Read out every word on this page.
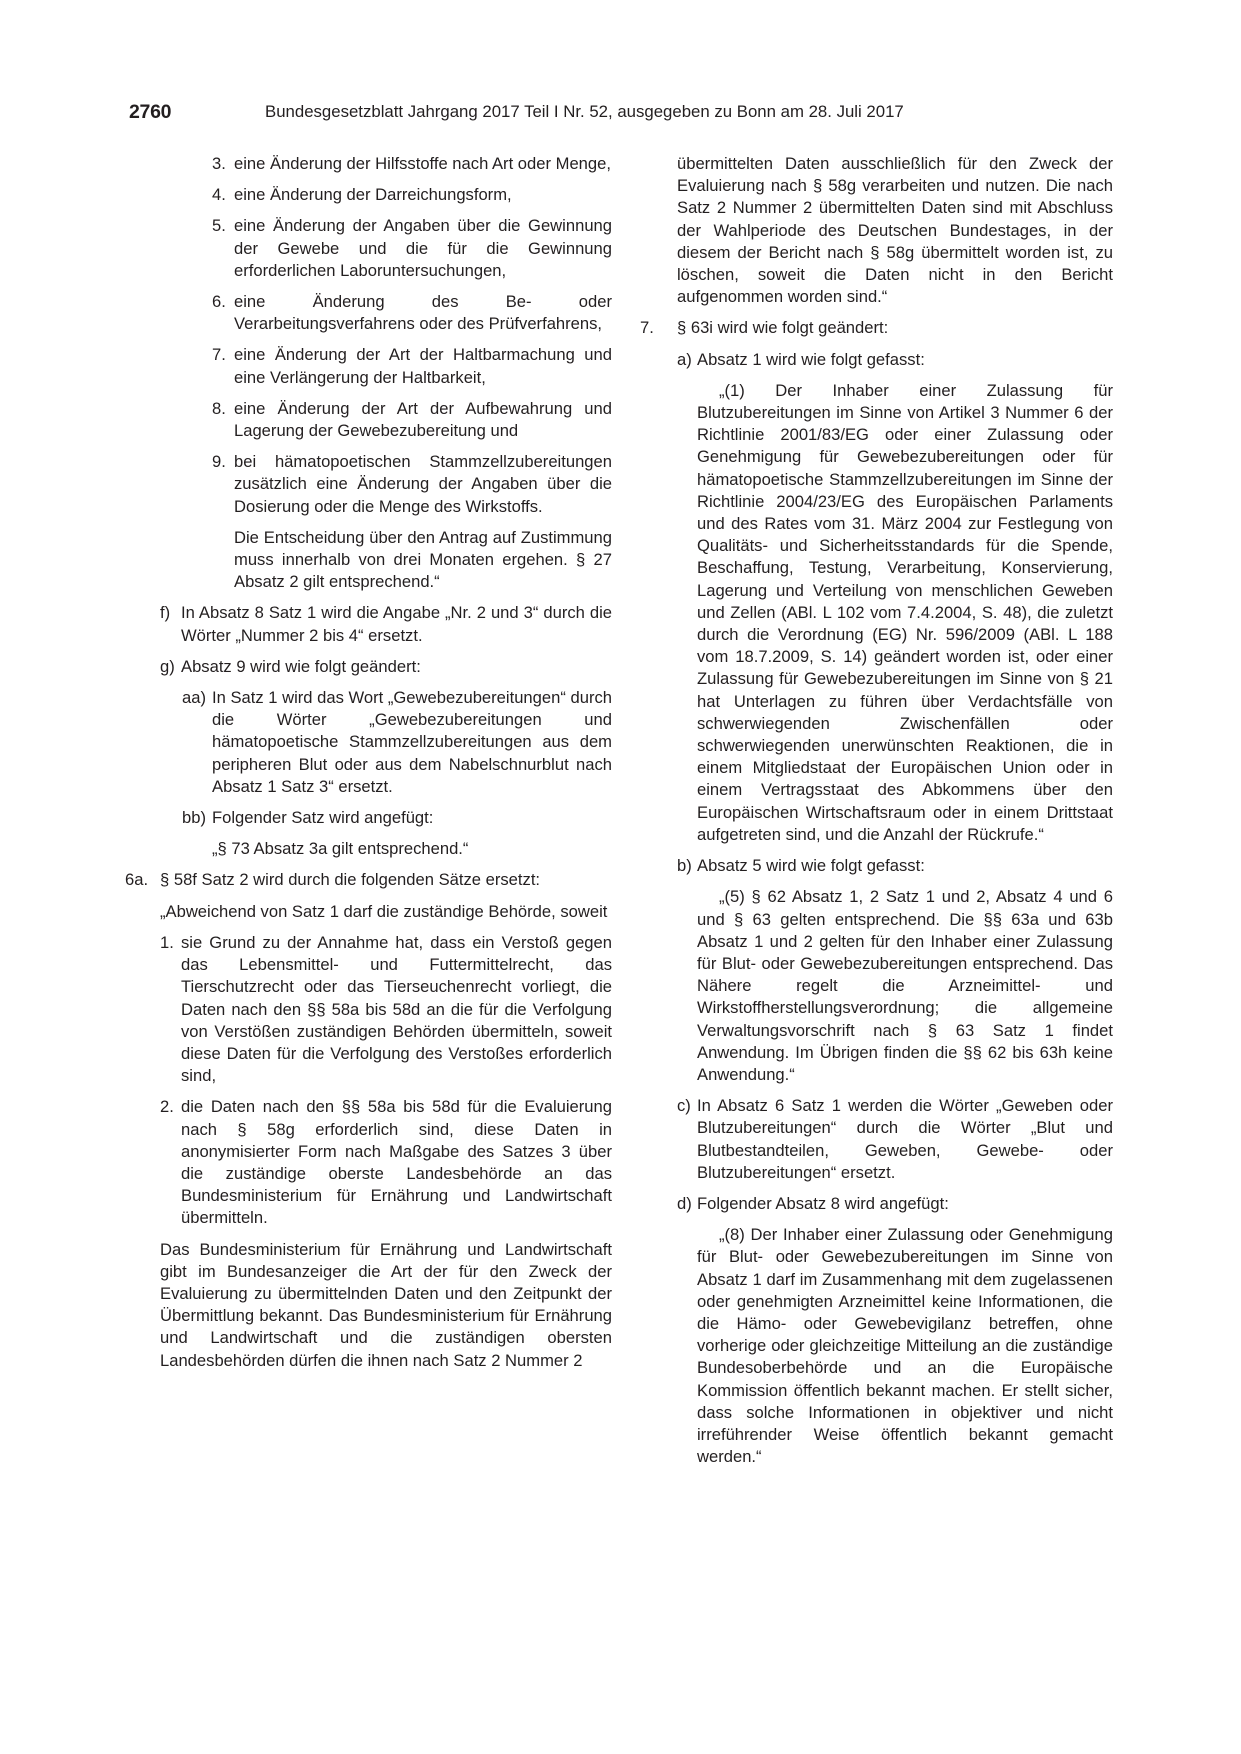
2760	Bundesgesetzblatt Jahrgang 2017 Teil I Nr. 52, ausgegeben zu Bonn am 28. Juli 2017
3. eine Änderung der Hilfsstoffe nach Art oder Menge,

4. eine Änderung der Darreichungsform,

5. eine Änderung der Angaben über die Gewinnung der Gewebe und die für die Gewinnung erforderlichen Laboruntersuchungen,

6. eine Änderung des Be- oder Verarbeitungsverfahrens oder des Prüfverfahrens,

7. eine Änderung der Art der Haltbarmachung und eine Verlängerung der Haltbarkeit,

8. eine Änderung der Art der Aufbewahrung und Lagerung der Gewebezubereitung und

9. bei hämatopoetischen Stammzellzubereitungen zusätzlich eine Änderung der Angaben über die Dosierung oder die Menge des Wirkstoffs.

Die Entscheidung über den Antrag auf Zustimmung muss innerhalb von drei Monaten ergehen. § 27 Absatz 2 gilt entsprechend.“

f) In Absatz 8 Satz 1 wird die Angabe „Nr. 2 und 3“ durch die Wörter „Nummer 2 bis 4“ ersetzt.

g) Absatz 9 wird wie folgt geändert:

aa) In Satz 1 wird das Wort „Gewebezubereitungen“ durch die Wörter „Gewebezubereitungen und hämatopoetische Stammzellzubereitungen aus dem peripheren Blut oder aus dem Nabelschnurblut nach Absatz 1 Satz 3“ ersetzt.

bb) Folgender Satz wird angefügt:

„§ 73 Absatz 3a gilt entsprechend.“

6a. § 58f Satz 2 wird durch die folgenden Sätze ersetzt:

„Abweichend von Satz 1 darf die zuständige Behörde, soweit

1. sie Grund zu der Annahme hat, dass ein Verstoß gegen das Lebensmittel- und Futtermittelrecht, das Tierschutzrecht oder das Tierseuchenrecht vorliegt, die Daten nach den §§ 58a bis 58d an die für die Verfolgung von Verstößen zuständigen Behörden übermitteln, soweit diese Daten für die Verfolgung des Verstoßes erforderlich sind,

2. die Daten nach den §§ 58a bis 58d für die Evaluierung nach § 58g erforderlich sind, diese Daten in anonymisierter Form nach Maßgabe des Satzes 3 über die zuständige oberste Landesbehörde an das Bundesministerium für Ernährung und Landwirtschaft übermitteln.

Das Bundesministerium für Ernährung und Landwirtschaft gibt im Bundesanzeiger die Art der für den Zweck der Evaluierung zu übermittelnden Daten und den Zeitpunkt der Übermittlung bekannt. Das Bundesministerium für Ernährung und Landwirtschaft und die zuständigen obersten Landesbehörden dürfen die ihnen nach Satz 2 Nummer 2

übermittelten Daten ausschließlich für den Zweck der Evaluierung nach § 58g verarbeiten und nutzen. Die nach Satz 2 Nummer 2 übermittelten Daten sind mit Abschluss der Wahlperiode des Deutschen Bundestages, in der diesem der Bericht nach § 58g übermittelt worden ist, zu löschen, soweit die Daten nicht in den Bericht aufgenommen worden sind.“

7. § 63i wird wie folgt geändert:

a) Absatz 1 wird wie folgt gefasst:

„(1) Der Inhaber einer Zulassung für Blutzubereitungen im Sinne von Artikel 3 Nummer 6 der Richtlinie 2001/83/EG oder einer Zulassung oder Genehmigung für Gewebezubereitungen oder für hämatopoetische Stammzellzubereitungen im Sinne der Richtlinie 2004/23/EG des Europäischen Parlaments und des Rates vom 31. März 2004 zur Festlegung von Qualitäts- und Sicherheitsstandards für die Spende, Beschaffung, Testung, Verarbeitung, Konservierung, Lagerung und Verteilung von menschlichen Geweben und Zellen (ABl. L 102 vom 7.4.2004, S. 48), die zuletzt durch die Verordnung (EG) Nr. 596/2009 (ABl. L 188 vom 18.7.2009, S. 14) geändert worden ist, oder einer Zulassung für Gewebezubereitungen im Sinne von § 21 hat Unterlagen zu führen über Verdachtsfälle von schwerwiegenden Zwischenfällen oder schwerwiegenden unerwünschten Reaktionen, die in einem Mitgliedstaat der Europäischen Union oder in einem Vertragsstaat des Abkommens über den Europäischen Wirtschaftsraum oder in einem Drittstaat aufgetreten sind, und die Anzahl der Rückrufe.“

b) Absatz 5 wird wie folgt gefasst:

„(5) § 62 Absatz 1, 2 Satz 1 und 2, Absatz 4 und 6 und § 63 gelten entsprechend. Die §§ 63a und 63b Absatz 1 und 2 gelten für den Inhaber einer Zulassung für Blut- oder Gewebezubereitungen entsprechend. Das Nähere regelt die Arzneimittel- und Wirkstoffherstellungsverordnung; die allgemeine Verwaltungsvorschrift nach § 63 Satz 1 findet Anwendung. Im Übrigen finden die §§ 62 bis 63h keine Anwendung.“

c) In Absatz 6 Satz 1 werden die Wörter „Geweben oder Blutzubereitungen“ durch die Wörter „Blut und Blutbestandteilen, Geweben, Gewebe- oder Blutzubereitungen“ ersetzt.

d) Folgender Absatz 8 wird angefügt:

„(8) Der Inhaber einer Zulassung oder Genehmigung für Blut- oder Gewebezubereitungen im Sinne von Absatz 1 darf im Zusammenhang mit dem zugelassenen oder genehmigten Arzneimittel keine Informationen, die die Hämo- oder Gewebevigilanz betreffen, ohne vorherige oder gleichzeitige Mitteilung an die zuständige Bundesoberbehörde und an die Europäische Kommission öffentlich bekannt machen. Er stellt sicher, dass solche Informationen in objektiver und nicht irreführender Weise öffentlich bekannt gemacht werden.“
